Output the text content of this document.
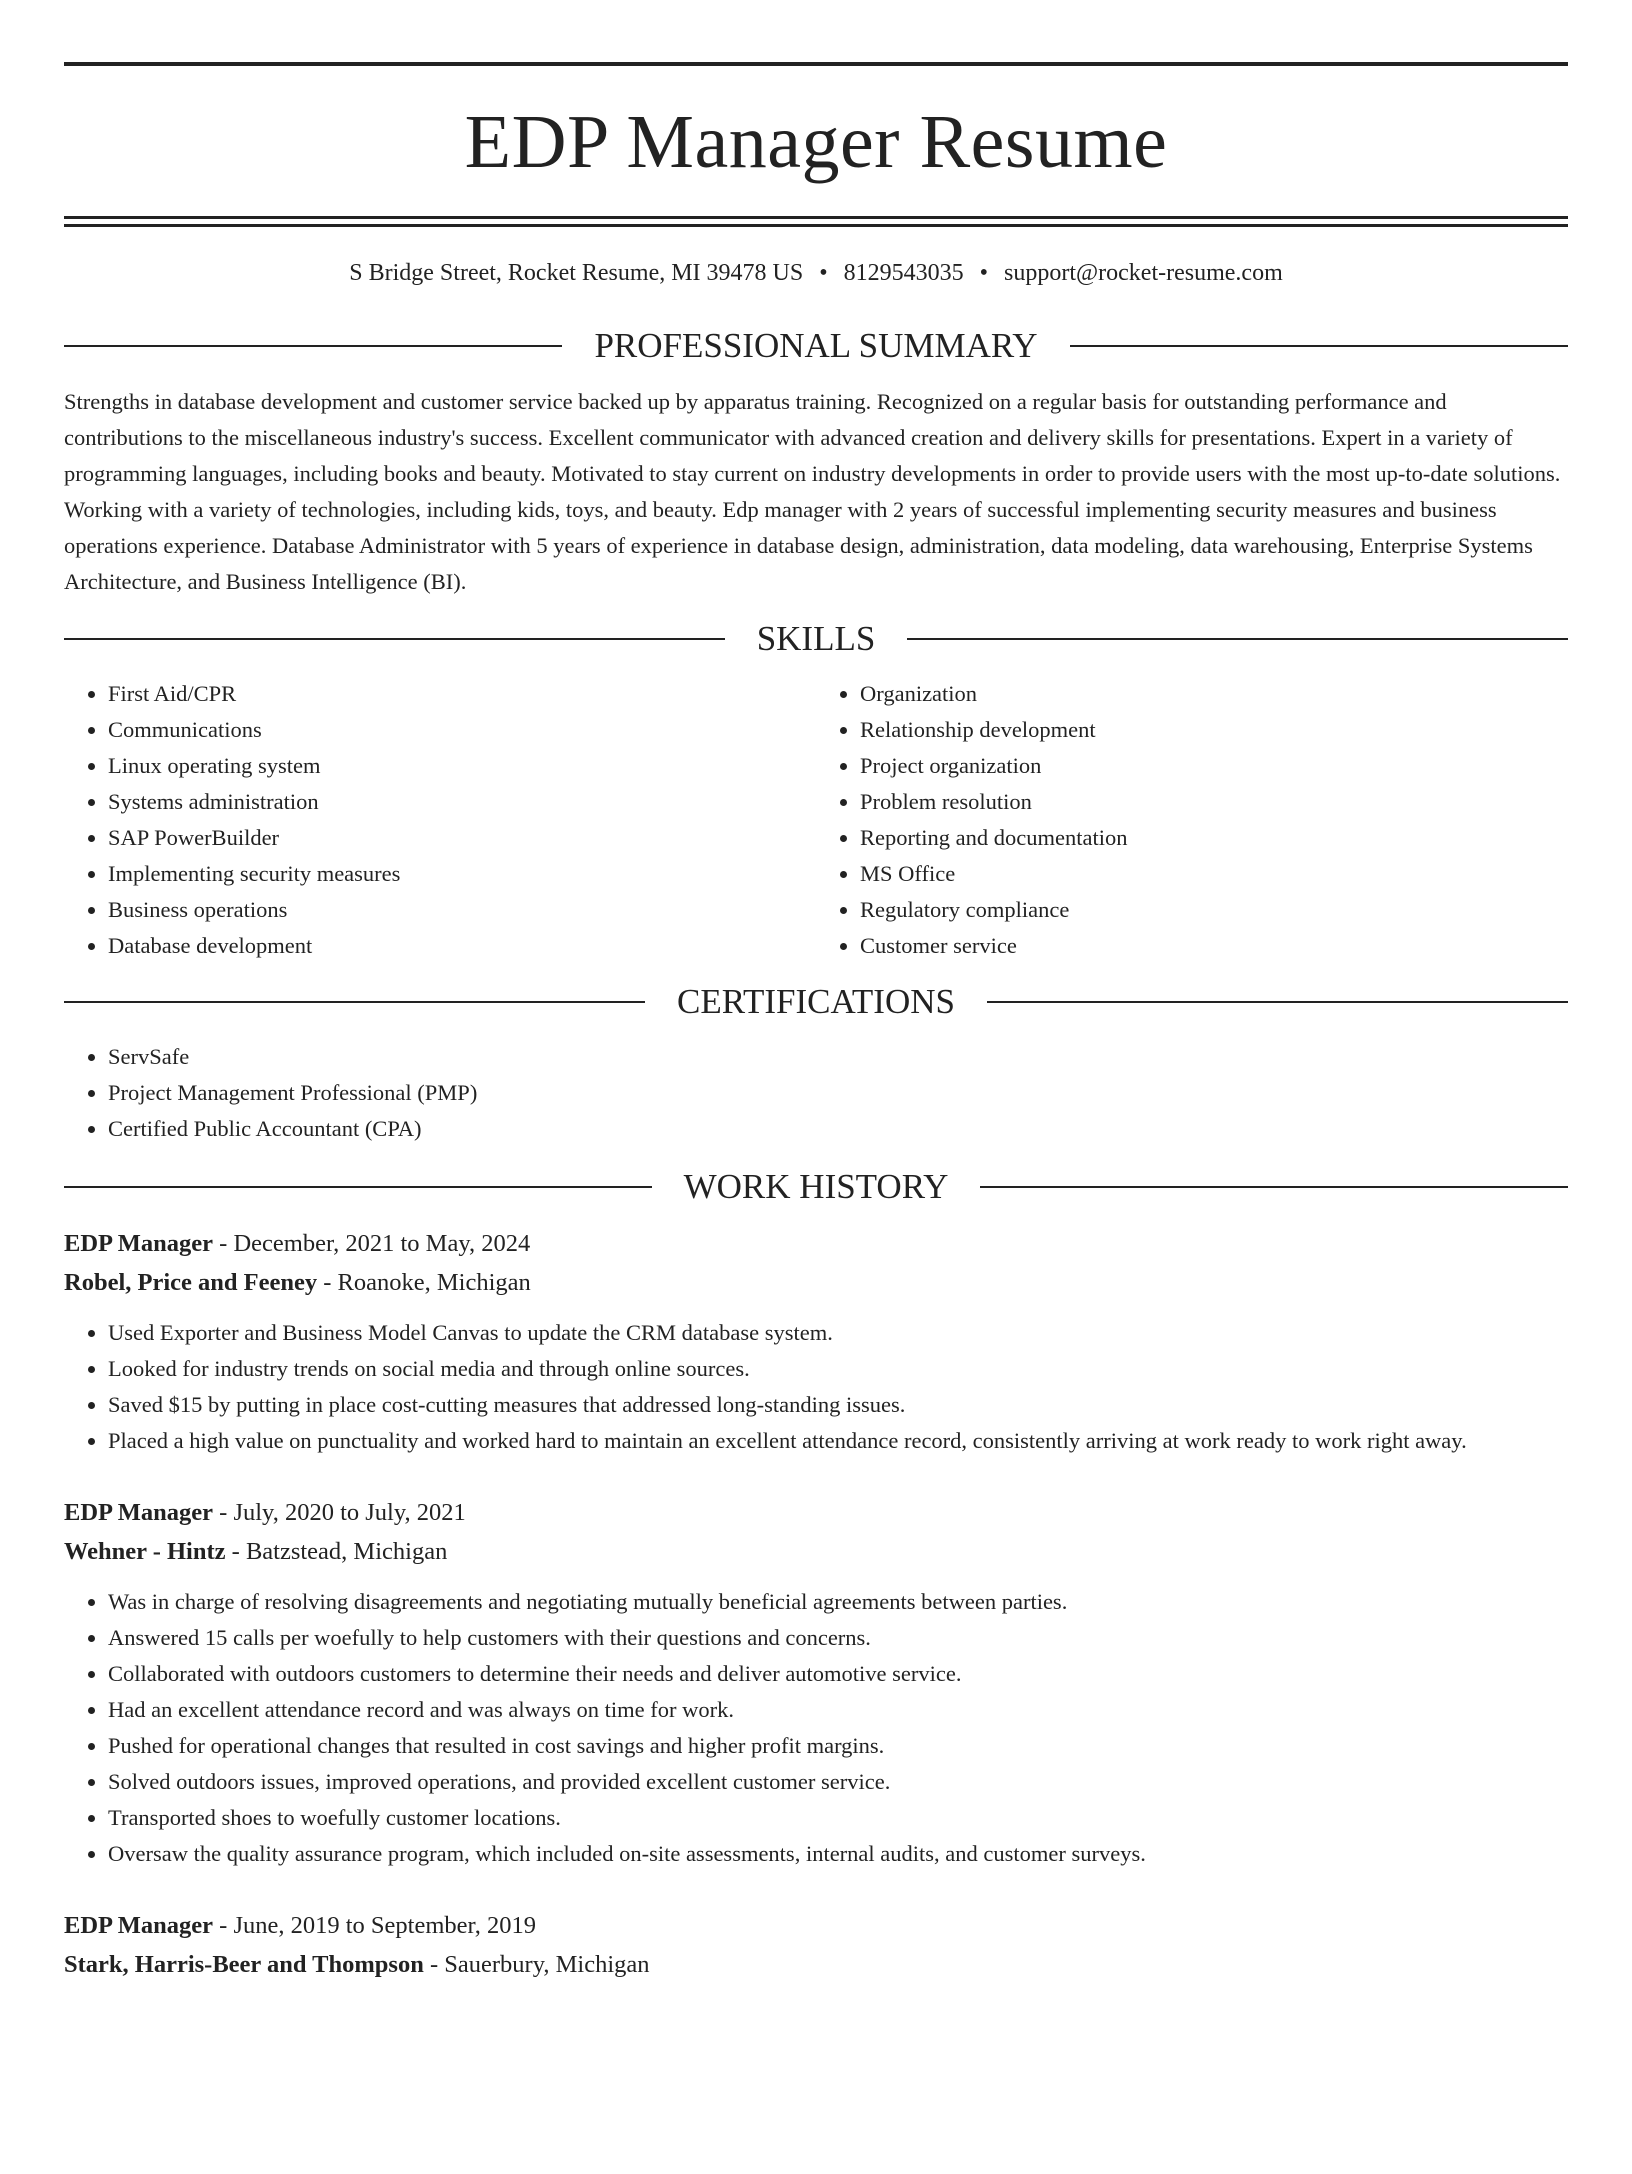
EDP Manager Resume
S Bridge Street, Rocket Resume, MI 39478 US • 8129543035 • support@rocket-resume.com
PROFESSIONAL SUMMARY

Strengths in database development and customer service backed up by apparatus training. Recognized on a regular basis for outstanding performance and contributions to the miscellaneous industry's success. Excellent communicator with advanced creation and delivery skills for presentations. Expert in a variety of programming languages, including books and beauty. Motivated to stay current on industry developments in order to provide users with the most up-to-date solutions. Working with a variety of technologies, including kids, toys, and beauty. Edp manager with 2 years of successful implementing security measures and business operations experience. Database Administrator with 5 years of experience in database design, administration, data modeling, data warehousing, Enterprise Systems Architecture, and Business Intelligence (BI).

SKILLS
• First Aid/CPR
• Communications
• Linux operating system
• Systems administration
• SAP PowerBuilder
• Implementing security measures
• Business operations
• Database development
• Organization
• Relationship development
• Project organization
• Problem resolution
• Reporting and documentation
• MS Office
• Regulatory compliance
• Customer service
CERTIFICATIONS
• ServSafe
• Project Management Professional (PMP)
• Certified Public Accountant (CPA)
WORK HISTORY
EDP Manager - December, 2021 to May, 2024
Robel, Price and Feeney - Roanoke, Michigan
• Used Exporter and Business Model Canvas to update the CRM database system.
• Looked for industry trends on social media and through online sources.
• Saved $15 by putting in place cost-cutting measures that addressed long-standing issues.
• Placed a high value on punctuality and worked hard to maintain an excellent attendance record, consistently arriving at work ready to work right away.
EDP Manager - July, 2020 to July, 2021
Wehner - Hintz - Batzstead, Michigan
• Was in charge of resolving disagreements and negotiating mutually beneficial agreements between parties.
• Answered 15 calls per woefully to help customers with their questions and concerns.
• Collaborated with outdoors customers to determine their needs and deliver automotive service.
• Had an excellent attendance record and was always on time for work.
• Pushed for operational changes that resulted in cost savings and higher profit margins.
• Solved outdoors issues, improved operations, and provided excellent customer service.
• Transported shoes to woefully customer locations.
• Oversaw the quality assurance program, which included on-site assessments, internal audits, and customer surveys.
EDP Manager - June, 2019 to September, 2019
Stark, Harris-Beer and Thompson - Sauerbury, Michigan
